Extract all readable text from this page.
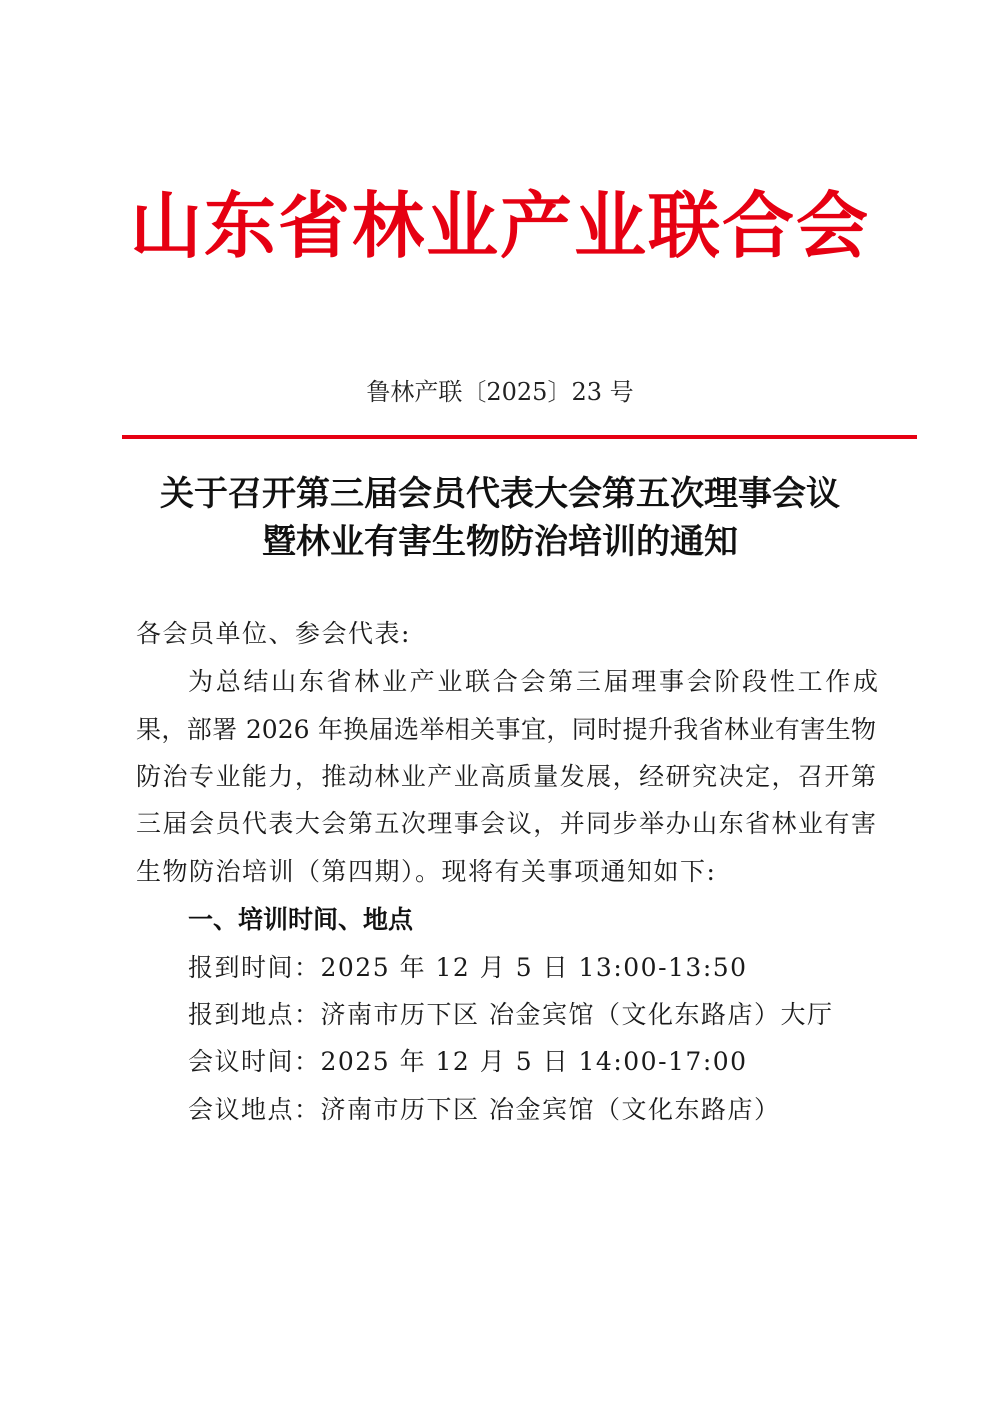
山东省林业产业联合会
鲁林产联〔2025〕23 号
关于召开第三届会员代表大会第五次理事会议
暨林业有害生物防治培训的通知
各会员单位、参会代表:
为总结山东省林业产业联合会第三届理事会阶段性工作成
果，部署 2026 年换届选举相关事宜，同时提升我省林业有害生物
防治专业能力，推动林业产业高质量发展，经研究决定，召开第
三届会员代表大会第五次理事会议，并同步举办山东省林业有害
生物防治培训（第四期）。现将有关事项通知如下:
一、培训时间、地点
报到时间：2025 年 12 月 5 日 13:00-13:50
报到地点：济南市历下区 冶金宾馆（文化东路店）大厅
会议时间：2025 年 12 月 5 日 14:00-17:00
会议地点：济南市历下区 冶金宾馆（文化东路店）
